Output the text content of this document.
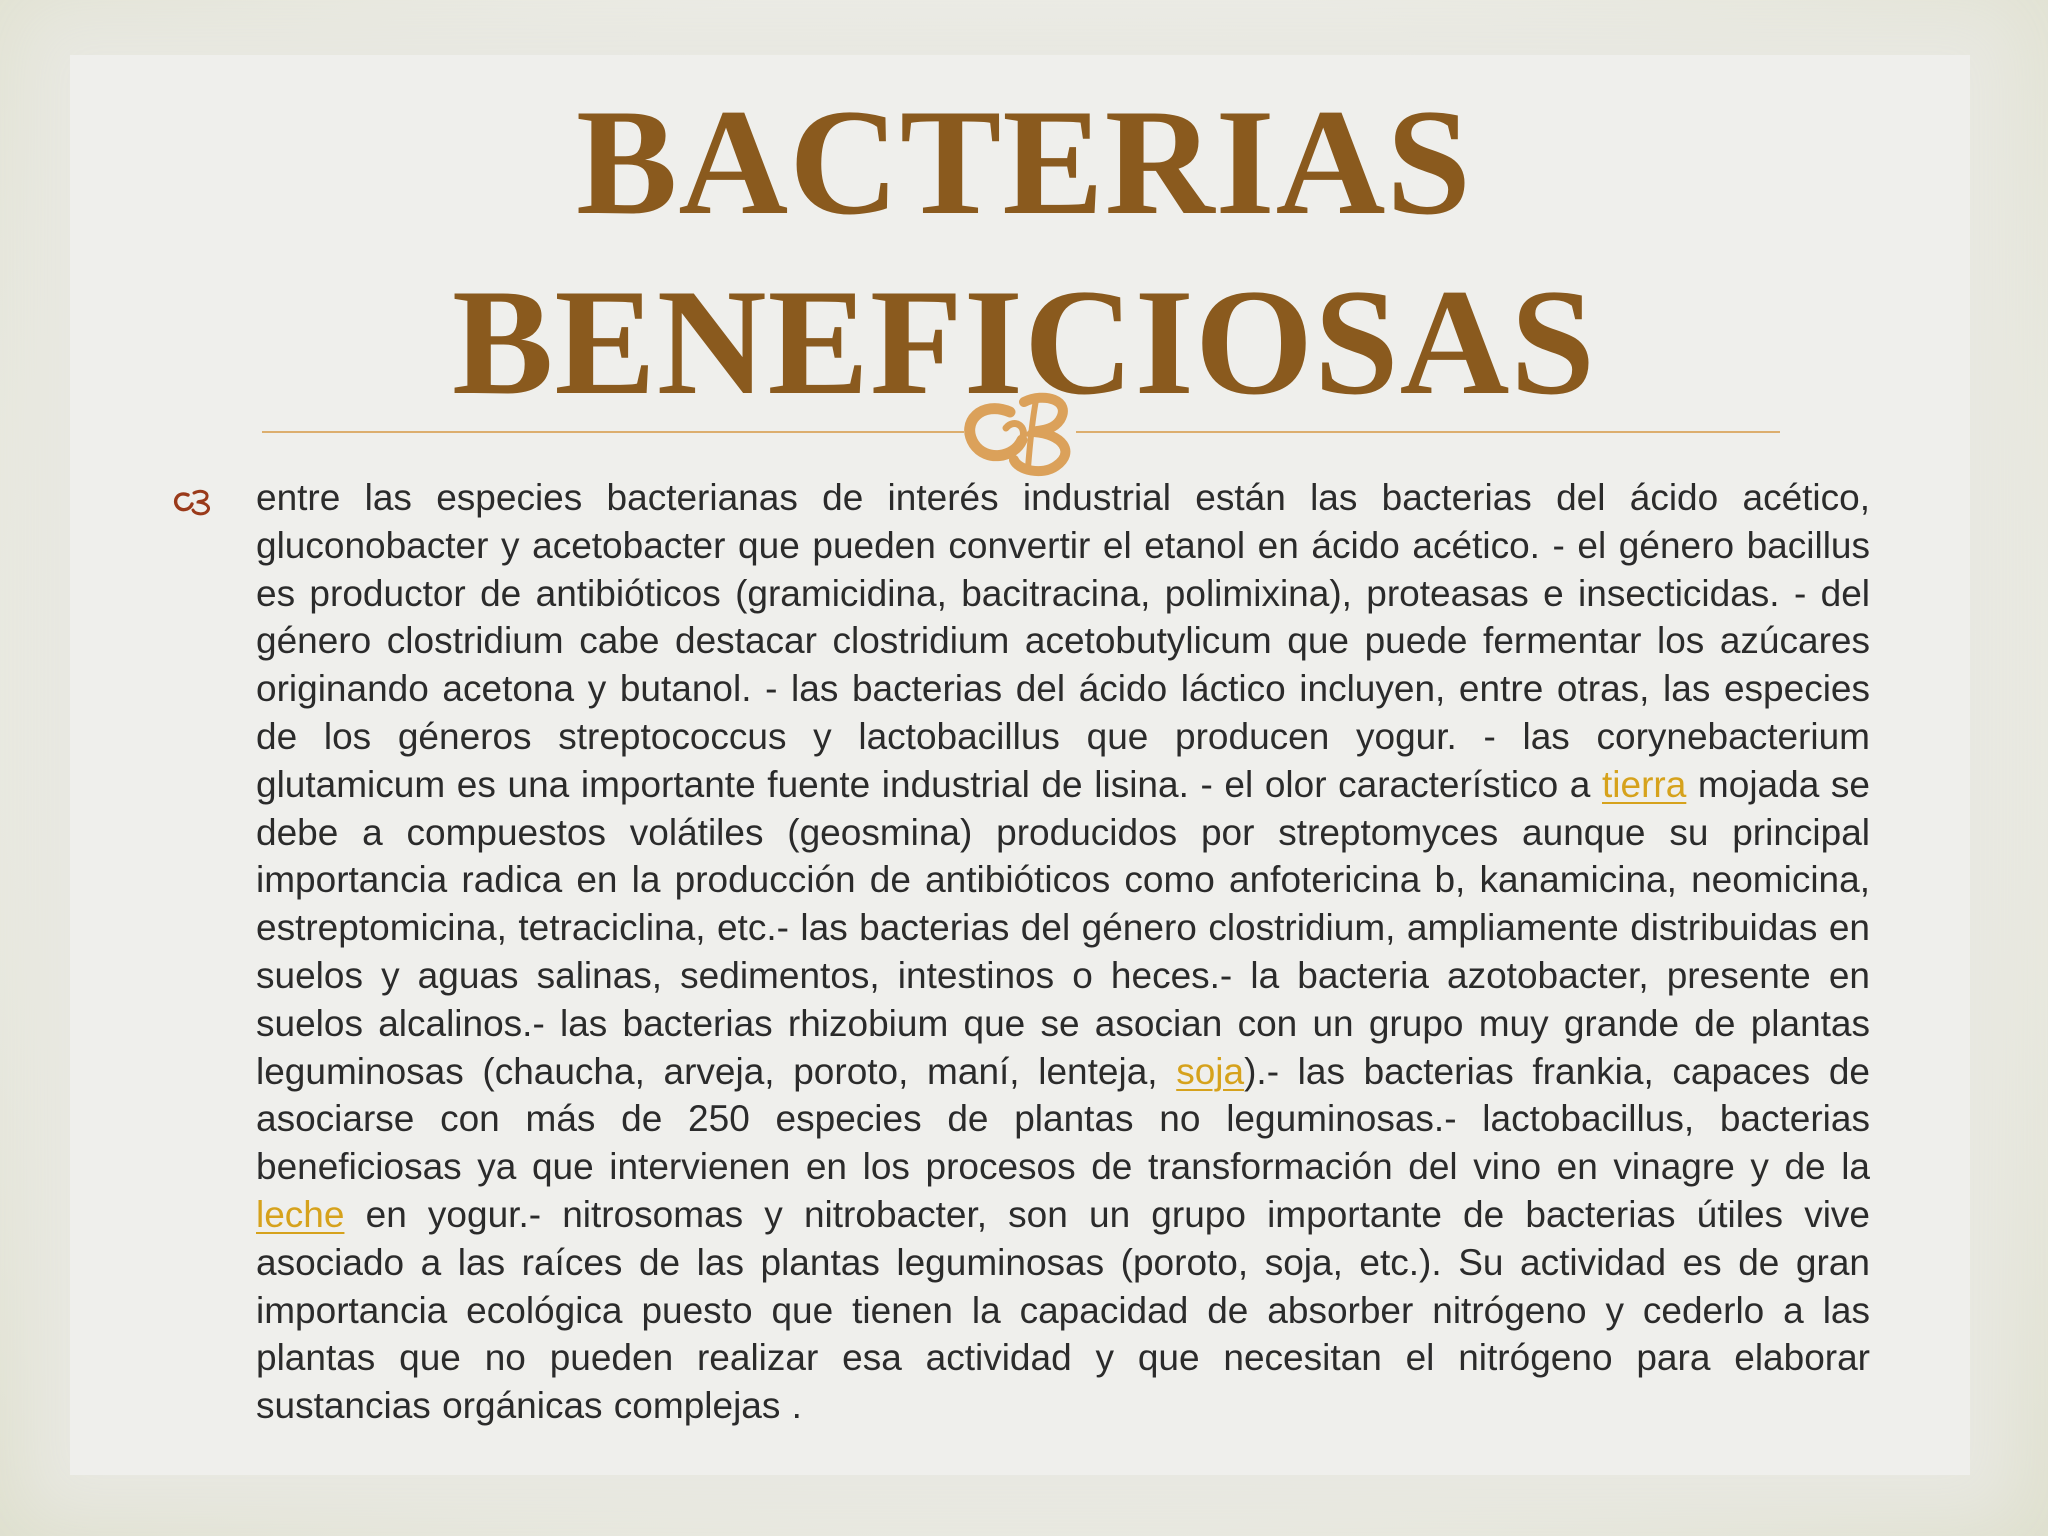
BACTERIAS
BENEFICIOSAS

entre las especies bacterianas de interés industrial están las bacterias del ácido acético, gluconobacter y acetobacter que pueden convertir el etanol en ácido acético. - el género bacillus es productor de antibióticos (gramicidina, bacitracina, polimixina), proteasas e insecticidas. - del género clostridium cabe destacar clostridium acetobutylicum que puede fermentar los azúcares originando acetona y butanol. - las bacterias del ácido láctico incluyen, entre otras, las especies de los géneros streptococcus y lactobacillus que producen yogur. - las corynebacterium glutamicum es una importante fuente industrial de lisina. - el olor característico a tierra mojada se debe a compuestos volátiles (geosmina) producidos por streptomyces aunque su principal importancia radica en la producción de antibióticos como anfotericina b, kanamicina, neomicina, estreptomicina, tetraciclina, etc.- las bacterias del género clostridium, ampliamente distribuidas en suelos y aguas salinas, sedimentos, intestinos o heces.- la bacteria azotobacter, presente en suelos alcalinos.- las bacterias rhizobium que se asocian con un grupo muy grande de plantas leguminosas (chaucha, arveja, poroto, maní, lenteja, soja).- las bacterias frankia, capaces de asociarse con más de 250 especies de plantas no leguminosas.- lactobacillus, bacterias beneficiosas ya que intervienen en los procesos de transformación del vino en vinagre y de la leche en yogur.- nitrosomas y nitrobacter, son un grupo importante de bacterias útiles vive asociado a las raíces de las plantas leguminosas (poroto, soja, etc.). Su actividad es de gran importancia ecológica puesto que tienen la capacidad de absorber nitrógeno y cederlo a las plantas que no pueden realizar esa actividad y que necesitan el nitrógeno para elaborar sustancias orgánicas complejas .
